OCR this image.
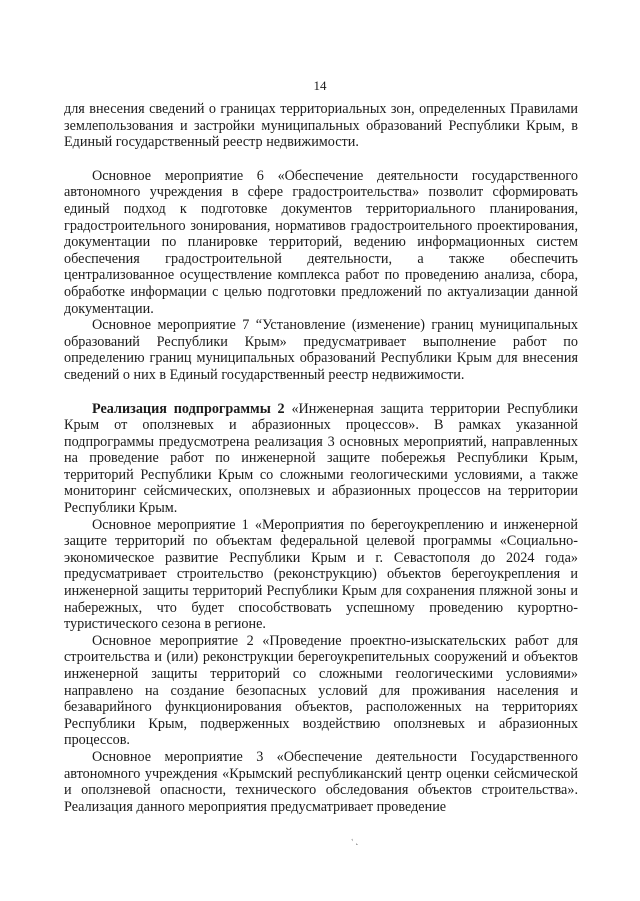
14

для внесения сведений о границах территориальных зон, определенных Правилами землепользования и застройки муниципальных образований Республики Крым, в Единый государственный реестр недвижимости.

Основное мероприятие 6 «Обеспечение деятельности государственного автономного учреждения в сфере градостроительства» позволит сформировать единый подход к подготовке документов территориального планирования, градостроительного зонирования, нормативов градостроительного проектирования, документации по планировке территорий, ведению информационных систем обеспечения градостроительной деятельности, а также обеспечить централизованное осуществление комплекса работ по проведению анализа, сбора, обработке информации с целью подготовки предложений по актуализации данной документации.

Основное мероприятие 7 “Установление (изменение) границ муниципальных образований Республики Крым» предусматривает выполнение работ по определению границ муниципальных образований Республики Крым для внесения сведений о них в Единый государственный реестр недвижимости.

Реализация подпрограммы 2 «Инженерная защита территории Республики Крым от оползневых и абразионных процессов». В рамках указанной подпрограммы предусмотрена реализация 3 основных мероприятий, направленных на проведение работ по инженерной защите побережья Республики Крым, территорий Республики Крым со сложными геологическими условиями, а также мониторинг сейсмических, оползневых и абразионных процессов на территории Республики Крым.

Основное мероприятие 1 «Мероприятия по берегоукреплению и инженерной защите территорий по объектам федеральной целевой программы «Социально-экономическое развитие Республики Крым и г. Севастополя до 2024 года» предусматривает строительство (реконструкцию) объектов берегоукрепления и инженерной защиты территорий Республики Крым для сохранения пляжной зоны и набережных, что будет способствовать успешному проведению курортно-туристического сезона в регионе.

Основное мероприятие 2 «Проведение проектно-изыскательских работ для строительства и (или) реконструкции берегоукрепительных сооружений и объектов инженерной защиты территорий со сложными геологическими условиями» направлено на создание безопасных условий для проживания населения и безаварийного функционирования объектов, расположенных на территориях Республики Крым, подверженных воздействию оползневых и абразионных процессов.

Основное мероприятие 3 «Обеспечение деятельности Государственного автономного учреждения «Крымский республиканский центр оценки сейсмической и оползневой опасности, технического обследования объектов строительства». Реализация данного мероприятия предусматривает проведение

ʹ˛
